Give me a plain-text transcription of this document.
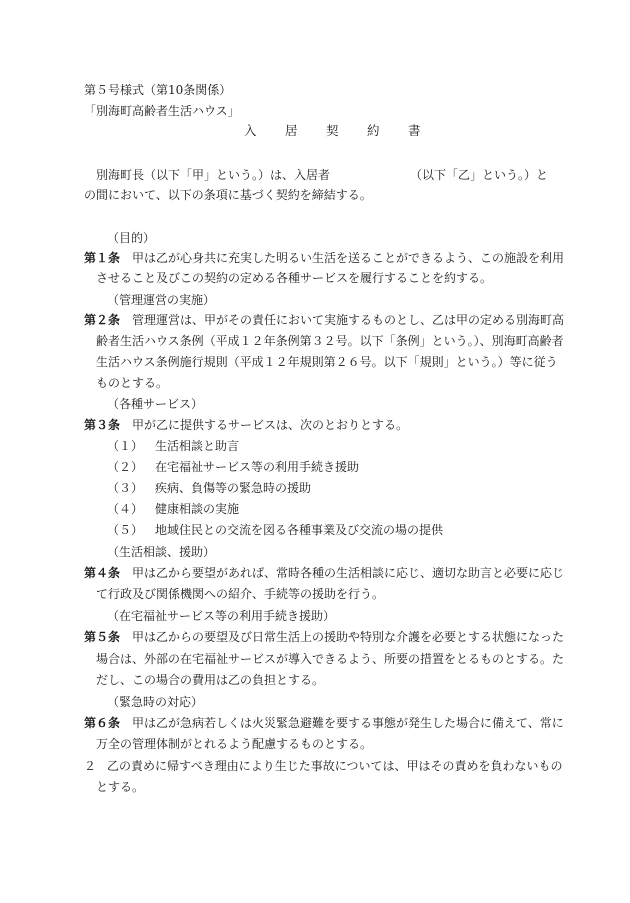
第５号様式（第10条関係）
「別海町高齢者生活ハウス」
入 居 契 約 書
別海町長（以下「甲」という。）は、入居者	（以下「乙」という。）と
の間において、以下の条項に基づく契約を締結する。
（目的）
第１条 甲は乙が心身共に充実した明るい生活を送ることができるよう、この施設を利用
させること及びこの契約の定める各種サービスを履行することを約する。
（管理運営の実施）
第２条 管理運営は、甲がその責任において実施するものとし、乙は甲の定める別海町高
齢者生活ハウス条例（平成１２年条例第３２号。以下「条例」という。）、別海町高齢者
生活ハウス条例施行規則（平成１２年規則第２６号。以下「規則」という。）等に従う
ものとする。
（各種サービス）
第３条 甲が乙に提供するサービスは、次のとおりとする。
（１） 生活相談と助言
（２） 在宅福祉サービス等の利用手続き援助
（３） 疾病、負傷等の緊急時の援助
（４） 健康相談の実施
（５） 地域住民との交流を図る各種事業及び交流の場の提供
（生活相談、援助）
第４条 甲は乙から要望があれば、常時各種の生活相談に応じ、適切な助言と必要に応じ
て行政及び関係機関への紹介、手続等の援助を行う。
（在宅福祉サービス等の利用手続き援助）
第５条 甲は乙からの要望及び日常生活上の援助や特別な介護を必要とする状態になった
場合は、外部の在宅福祉サービスが導入できるよう、所要の措置をとるものとする。た
だし、この場合の費用は乙の負担とする。
（緊急時の対応）
第６条 甲は乙が急病若しくは火災緊急避難を要する事態が発生した場合に備えて、常に
万全の管理体制がとれるよう配慮するものとする。
２ 乙の責めに帰すべき理由により生じた事故については、甲はその責めを負わないもの
とする。
